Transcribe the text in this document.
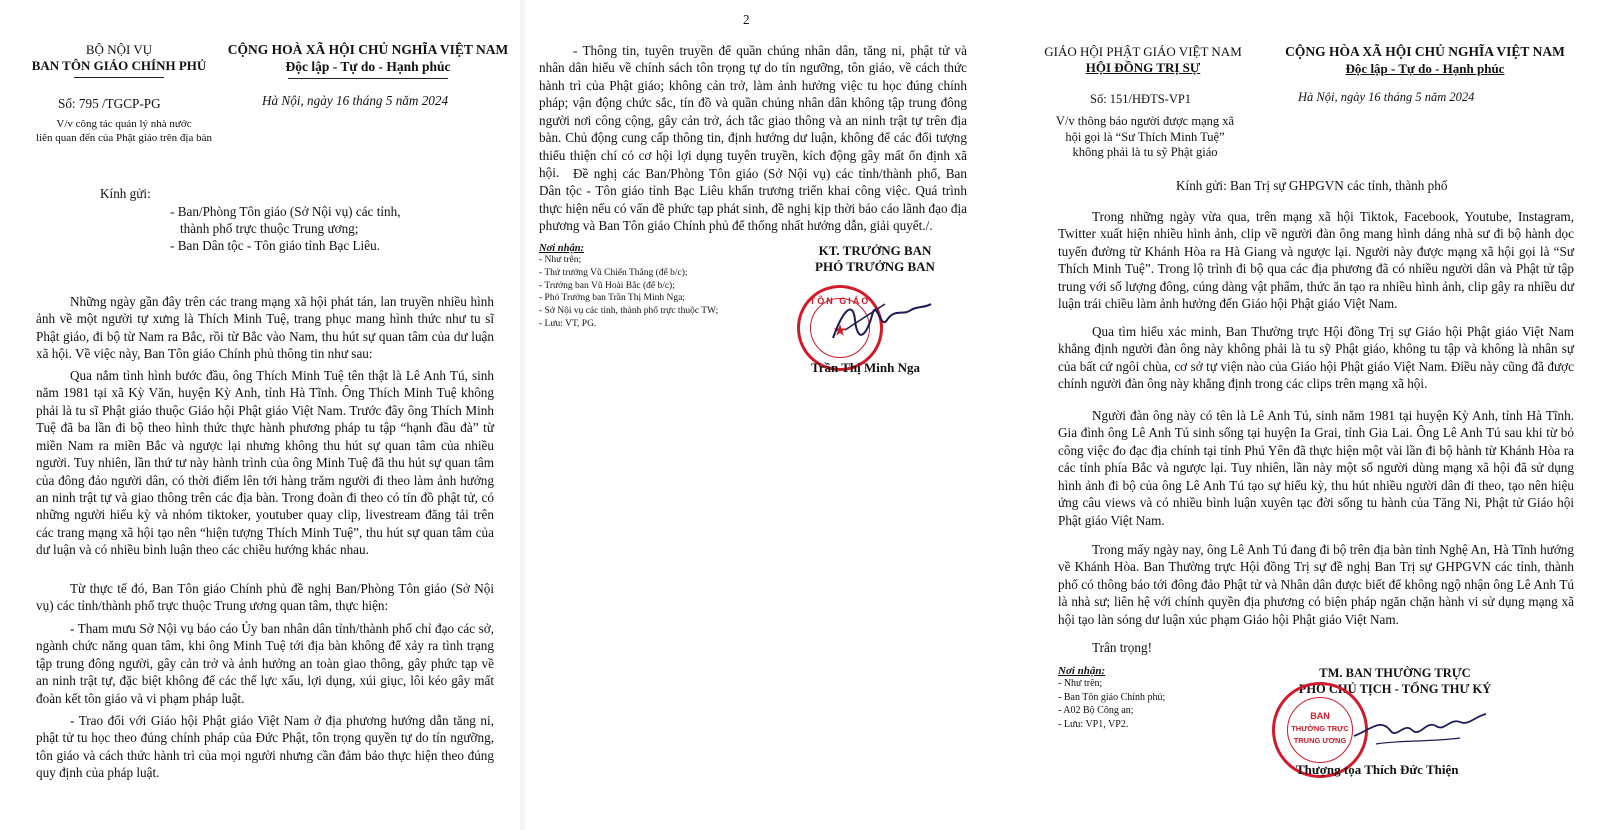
BỘ NỘI VỤ
BAN TÔN GIÁO CHÍNH PHỦ
CỘNG HOÀ XÃ HỘI CHỦ NGHĨA VIỆT NAM
Độc lập - Tự do - Hạnh phúc
Số: 795 /TGCP-PG	Hà Nội, ngày 16 tháng 5 năm 2024
V/v công tác quản lý nhà nước
liên quan đến của Phật giáo trên địa bàn
Kính gửi:
- Ban/Phòng Tôn giáo (Sở Nội vụ) các tỉnh,
thành phố trực thuộc Trung ương;
- Ban Dân tộc - Tôn giáo tỉnh Bạc Liêu.
Những ngày gần đây trên các trang mạng xã hội phát tán, lan truyền nhiều hình ảnh về một người tự xưng là Thích Minh Tuệ, trang phục mang hình thức như tu sĩ Phật giáo, đi bộ từ Nam ra Bắc, rồi từ Bắc vào Nam, thu hút sự quan tâm của dư luận xã hội. Về việc này, Ban Tôn giáo Chính phủ thông tin như sau:
Qua nắm tình hình bước đầu, ông Thích Minh Tuệ tên thật là Lê Anh Tú, sinh năm 1981 tại xã Kỳ Văn, huyện Kỳ Anh, tỉnh Hà Tĩnh. Ông Thích Minh Tuệ không phải là tu sĩ Phật giáo thuộc Giáo hội Phật giáo Việt Nam. Trước đây ông Thích Minh Tuệ đã ba lần đi bộ theo hình thức thực hành phương pháp tu tập “hạnh đầu đà” từ miền Nam ra miền Bắc và ngược lại nhưng không thu hút sự quan tâm của nhiều người. Tuy nhiên, lần thứ tư này hành trình của ông Minh Tuệ đã thu hút sự quan tâm của đông đảo người dân, có thời điểm lên tới hàng trăm người đi theo làm ảnh hưởng an ninh trật tự và giao thông trên các địa bàn. Trong đoàn đi theo có tín đồ phật tử, có những người hiếu kỳ và nhóm tiktoker, youtuber quay clip, livestream đăng tải trên các trang mạng xã hội tạo nên “hiện tượng Thích Minh Tuệ”, thu hút sự quan tâm của dư luận và có nhiều bình luận theo các chiều hướng khác nhau.
Từ thực tế đó, Ban Tôn giáo Chính phủ đề nghị Ban/Phòng Tôn giáo (Sở Nội vụ) các tỉnh/thành phố trực thuộc Trung ương quan tâm, thực hiện:
- Tham mưu Sở Nội vụ báo cáo Ủy ban nhân dân tỉnh/thành phố chỉ đạo các sở, ngành chức năng quan tâm, khi ông Minh Tuệ tới địa bàn không để xảy ra tình trạng tập trung đông người, gây cản trở và ảnh hưởng an toàn giao thông, gây phức tạp về an ninh trật tự, đặc biệt không để các thế lực xấu, lợi dụng, xúi giục, lôi kéo gây mất đoàn kết tôn giáo và vi phạm pháp luật.
- Trao đổi với Giáo hội Phật giáo Việt Nam ở địa phương hướng dẫn tăng ni, phật tử tu học theo đúng chính pháp của Đức Phật, tôn trọng quyền tự do tín ngưỡng, tôn giáo và cách thức hành trì của mọi người nhưng cần đảm bảo thực hiện theo đúng quy định của pháp luật.
2
- Thông tin, tuyên truyền để quần chúng nhân dân, tăng ni, phật tử và nhân dân hiểu về chính sách tôn trọng tự do tín ngưỡng, tôn giáo, về cách thức hành trì của Phật giáo; không cản trở, làm ảnh hưởng việc tu học đúng chính pháp; vận động chức sắc, tín đồ và quần chúng nhân dân không tập trung đông người nơi công cộng, gây cản trở, ách tắc giao thông và an ninh trật tự trên địa bàn. Chủ động cung cấp thông tin, định hướng dư luận, không để các đối tượng thiếu thiện chí có cơ hội lợi dụng tuyên truyền, kích động gây mất ổn định xã hội.	Đề nghị các Ban/Phòng Tôn giáo (Sở Nội vụ) các tỉnh/thành phố, Ban Dân tộc - Tôn giáo tỉnh Bạc Liêu khẩn trương triển khai công việc. Quá trình thực hiện nếu có vấn đề phức tạp phát sinh, đề nghị kịp thời báo cáo lãnh đạo địa phương và Ban Tôn giáo Chính phủ để thống nhất hướng dẫn, giải quyết./.
Nơi nhận:
- Như trên;
- Thứ trưởng Vũ Chiến Thắng (để b/c);
- Trưởng ban Vũ Hoài Bắc (để b/c);
- Phó Trưởng ban Trần Thị Minh Nga;
- Sở Nội vụ các tỉnh, thành phố trực thuộc TW;
- Lưu: VT, PG.
KT. TRƯỞNG BAN
PHÓ TRƯỞNG BAN
TÔN GIÁO
★
Trần Thị Minh Nga
GIÁO HỘI PHẬT GIÁO VIỆT NAM
HỘI ĐỒNG TRỊ SỰ
CỘNG HÒA XÃ HỘI CHỦ NGHĨA VIỆT NAM
Độc lập - Tự do - Hạnh phúc
Số: 151/HĐTS-VP1	Hà Nội, ngày 16 tháng 5 năm 2024
V/v thông báo người được mạng xã
hội gọi là “Sư Thích Minh Tuệ”
không phải là tu sỹ Phật giáo
Kính gửi: Ban Trị sự GHPGVN các tỉnh, thành phố
Trong những ngày vừa qua, trên mạng xã hội Tiktok, Facebook, Youtube, Instagram, Twitter xuất hiện nhiều hình ảnh, clip về người đàn ông mang hình dáng nhà sư đi bộ hành dọc tuyến đường từ Khánh Hòa ra Hà Giang và ngược lại. Người này được mạng xã hội gọi là “Sư Thích Minh Tuệ”. Trong lộ trình đi bộ qua các địa phương đã có nhiều người dân và Phật tử tập trung với số lượng đông, cúng dàng vật phẩm, thức ăn tạo ra nhiều hình ảnh, clip gây ra nhiều dư luận trái chiều làm ảnh hưởng đến Giáo hội Phật giáo Việt Nam.
Qua tìm hiểu xác minh, Ban Thường trực Hội đồng Trị sự Giáo hội Phật giáo Việt Nam khẳng định người đàn ông này không phải là tu sỹ Phật giáo, không tu tập và không là nhân sự của bất cứ ngôi chùa, cơ sở tự viện nào của Giáo hội Phật giáo Việt Nam. Điều này cũng đã được chính người đàn ông này khẳng định trong các clips trên mạng xã hội.
Người đàn ông này có tên là Lê Anh Tú, sinh năm 1981 tại huyện Kỳ Anh, tỉnh Hà Tĩnh. Gia đình ông Lê Anh Tú sinh sống tại huyện Ia Grai, tỉnh Gia Lai. Ông Lê Anh Tú sau khi từ bỏ công việc đo đạc địa chính tại tỉnh Phú Yên đã thực hiện một vài lần đi bộ hành từ Khánh Hòa ra các tỉnh phía Bắc và ngược lại. Tuy nhiên, lần này một số người dùng mạng xã hội đã sử dụng hình ảnh đi bộ của ông Lê Anh Tú tạo sự hiếu kỳ, thu hút nhiều người dân đi theo, tạo nên hiệu ứng câu views và có nhiều bình luận xuyên tạc đời sống tu hành của Tăng Ni, Phật tử Giáo hội Phật giáo Việt Nam.
Trong mấy ngày nay, ông Lê Anh Tú đang đi bộ trên địa bàn tỉnh Nghệ An, Hà Tĩnh hướng về Khánh Hòa. Ban Thường trực Hội đồng Trị sự đề nghị Ban Trị sự GHPGVN các tỉnh, thành phố có thông báo tới đông đảo Phật tử và Nhân dân được biết để không ngộ nhận ông Lê Anh Tú là nhà sư; liên hệ với chính quyền địa phương có biện pháp ngăn chặn hành vi sử dụng mạng xã hội tạo làn sóng dư luận xúc phạm Giáo hội Phật giáo Việt Nam.
Trân trọng!
Nơi nhận:
- Như trên;
- Ban Tôn giáo Chính phủ;
- A02 Bộ Công an;
- Lưu: VP1, VP2.
TM. BAN THƯỜNG TRỰC
PHÓ CHỦ TỊCH - TỔNG THƯ KÝ
BAN
THƯỜNG TRỰC
TRUNG ƯƠNG
Thượng tọa Thích Đức Thiện
